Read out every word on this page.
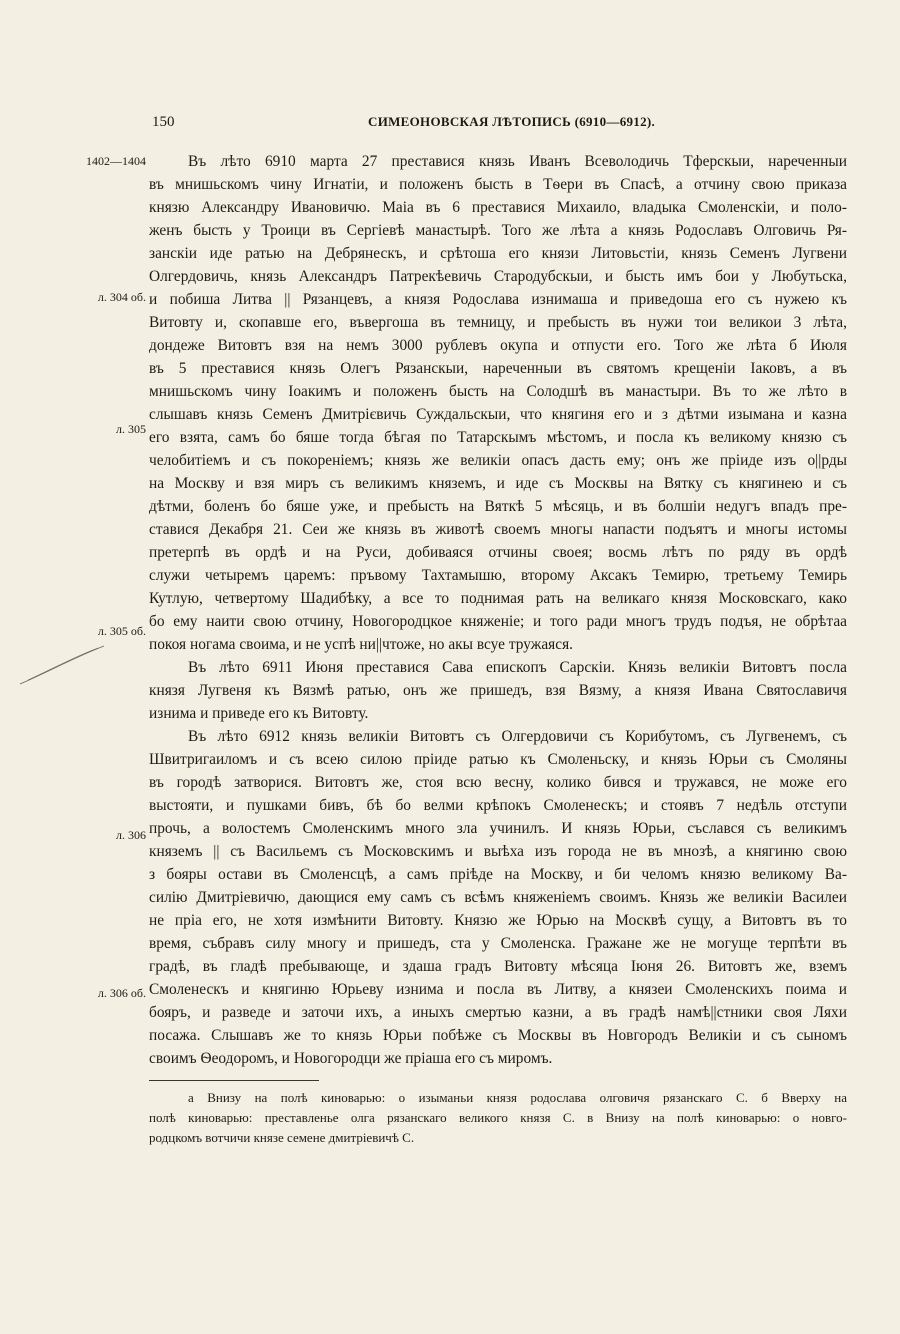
150	СИМЕОНОВСКАЯ ЛѢТОПИСЬ (6910—6912).
1402—1404
л. 304 об.
л. 305
л. 305 об.
л. 306
л. 306 об.
Въ лѣто 6910 марта 27 преставися князь Иванъ Всеволодичь Тферскыи, нареченныи
въ мнишьскомъ чину Игнатіи, и положенъ бысть в Тѳери въ Спасѣ, а отчину свою приказа
князю Александру Ивановичю. Маіа въ 6 преставися Михаило, владыка Смоленскіи, и поло-
женъ бысть у Троици въ Сергіевѣ манастырѣ. Того же лѣта а князь Родославъ Олговичь Ря-
занскіи иде ратью на Дебрянескъ, и срѣтоша его князи Литовьстіи, князь Семенъ Лугвени
Олгердовичь, князь Александръ Патрекѣевичь Стародубскыи, и бысть имъ бои у Любутьска,
и побиша Литва || Рязанцевъ, а князя Родослава изнимаша и приведоша его съ нужею къ
Витовту и, скопавше его, въвергоша въ темницу, и пребысть въ нужи тои великои 3 лѣта,
дондеже Витовтъ взя на немъ 3000 рублевъ окупа и отпусти его. Того же лѣта б Июля
въ 5 преставися князь Олегъ Рязанскыи, нареченныи въ святомъ крещеніи Іаковъ, а въ
мнишьскомъ чину Іоакимъ и положенъ бысть на Солодшѣ въ манастыри. Въ то же лѣто в
слышавъ князь Семенъ Дмитрієвичь Суждальскыи, что княгиня его и з дѣтми изымана и казна
его взята, самъ бо бяше тогда бѣгая по Татарскымъ мѣстомъ, и посла къ великому князю съ
челобитіемъ и съ покореніемъ; князь же великіи опасъ дасть ему; онъ же пріиде изъ о||рды
на Москву и взя миръ съ великимъ княземъ, и иде съ Москвы на Вятку съ княгинею и съ
дѣтми, боленъ бо бяше уже, и пребысть на Вяткѣ 5 мѣсяць, и въ болшіи недугъ впадъ пре-
ставися Декабря 21. Сеи же князь въ животѣ своемъ многы напасти подъятъ и многы истомы
претерпѣ въ ордѣ и на Руси, добиваяся отчины своея; восмь лѣтъ по ряду въ ордѣ
служи четыремъ царемъ: пръвому Тахтамышю, второму Аксакъ Темирю, третьему Темирь
Кутлую, четвертому Шадибѣку, а все то поднимая рать на великаго князя Московскаго, како
бо ему наити свою отчину, Новогородцкое княженіе; и того ради многъ трудъ подъя, не обрѣтаа
покоя ногама своима, и не успѣ ни||чтоже, но акы всуе тружаяся.
Въ лѣто 6911 Июня преставися Сава епископъ Сарскіи. Князь великіи Витовтъ посла
князя Лугвеня къ Вязмѣ ратью, онъ же пришедъ, взя Вязму, а князя Ивана Святославичя
изнима и приведе его къ Витовту.
Въ лѣто 6912 князь великіи Витовтъ съ Олгердовичи съ Корибутомъ, съ Лугвенемъ, съ
Швитригаиломъ и съ всею силою пріиде ратью къ Смоленьску, и князь Юрьи съ Смоляны
въ городѣ затворися. Витовтъ же, стоя всю весну, колико бився и тружався, не може его
выстояти, и пушками бивъ, бѣ бо велми крѣпокъ Смоленескъ; и стоявъ 7 недѣль отступи
прочь, а волостемъ Смоленскимъ много зла учинилъ. И князь Юрьи, съслався съ великимъ
княземъ || съ Васильемъ съ Московскимъ и выѣха изъ города не въ мнозѣ, а княгиню свою
з бояры остави въ Смоленсцѣ, а самъ пріѣде на Москву, и би челомъ князю великому Ва-
силію Дмитріевичю, дающися ему самъ съ всѣмъ княженіемъ своимъ. Князь же великіи Василеи
не пріа его, не хотя измѣнити Витовту. Князю же Юрью на Москвѣ сущу, а Витовтъ въ то
время, събравъ силу многу и пришедъ, ста у Смоленска. Гражане же не могуще терпѣти въ
градѣ, въ гладѣ пребывающе, и здаша градъ Витовту мѣсяца Іюня 26. Витовтъ же, вземъ
Смоленескъ и княгиню Юрьеву изнима и посла въ Литву, а князеи Смоленскихъ поима и
бояръ, и разведе и заточи ихъ, а иныхъ смертью казни, а въ градѣ намѣ||стники своя Ляхи
посажа. Слышавъ же то князь Юрьи побѣже съ Москвы въ Новгородъ Великіи и съ сыномъ
своимъ Ѳеодоромъ, и Новогородци же пріаша его съ миромъ.
а Внизу на полѣ киноварью: о изыманьи князя родослава олговичя рязанскаго С. б Вверху на
полѣ киноварью: преставленье олга рязанскаго великого князя С. в Внизу на полѣ киноварью: о новго-
родцкомъ вотчичи князе семене дмитріевичѣ С.
